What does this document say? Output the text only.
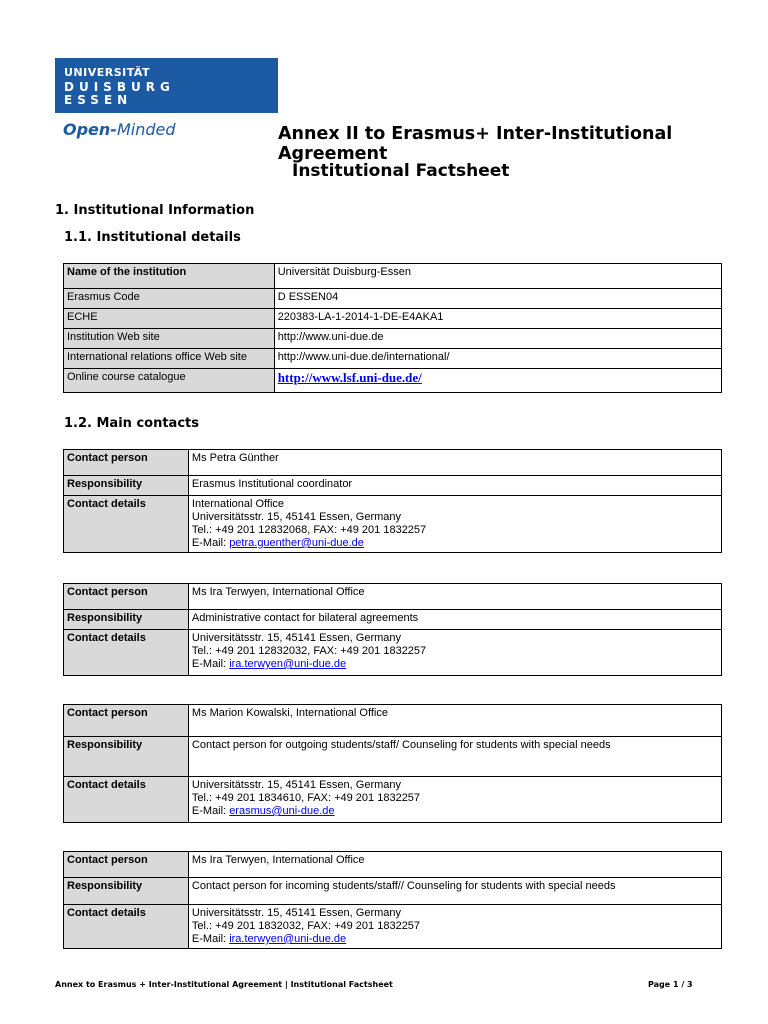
UNIVERSITÄT
DUISBURG
ESSEN
Open-Minded	Annex II to Erasmus+ Inter-Institutional Agreement
Institutional Factsheet
1. Institutional Information
1.1. Institutional details
Name of the institution	Universität Duisburg-Essen
Erasmus Code	D ESSEN04
ECHE	220383-LA-1-2014-1-DE-E4AKA1
Institution Web site	http://www.uni-due.de
International relations office Web site	http://www.uni-due.de/international/
Online course catalogue	http://www.lsf.uni-due.de/
1.2. Main contacts
Contact person	Ms Petra Günther
Responsibility	Erasmus Institutional coordinator
Contact details	International Office
Universitätsstr. 15, 45141 Essen, Germany
Tel.: +49 201 12832068, FAX: +49 201 1832257
E-Mail: petra.guenther@uni-due.de
Contact person	Ms Ira Terwyen, International Office
Responsibility	Administrative contact for bilateral agreements
Contact details	Universitätsstr. 15, 45141 Essen, Germany
Tel.: +49 201 12832032, FAX: +49 201 1832257
E-Mail: ira.terwyen@uni-due.de
Contact person	Ms Marion Kowalski, International Office
Responsibility	Contact person for outgoing students/staff/ Counseling for students with special needs
Contact details	Universitätsstr. 15, 45141 Essen, Germany
Tel.: +49 201 1834610, FAX: +49 201 1832257
E-Mail: erasmus@uni-due.de
Contact person	Ms Ira Terwyen, International Office
Responsibility	Contact person for incoming students/staff// Counseling for students with special needs
Contact details	Universitätsstr. 15, 45141 Essen, Germany
Tel.: +49 201 1832032, FAX: +49 201 1832257
E-Mail: ira.terwyen@uni-due.de
Annex to Erasmus + Inter-Institutional Agreement | Institutional Factsheet	Page 1 / 3
